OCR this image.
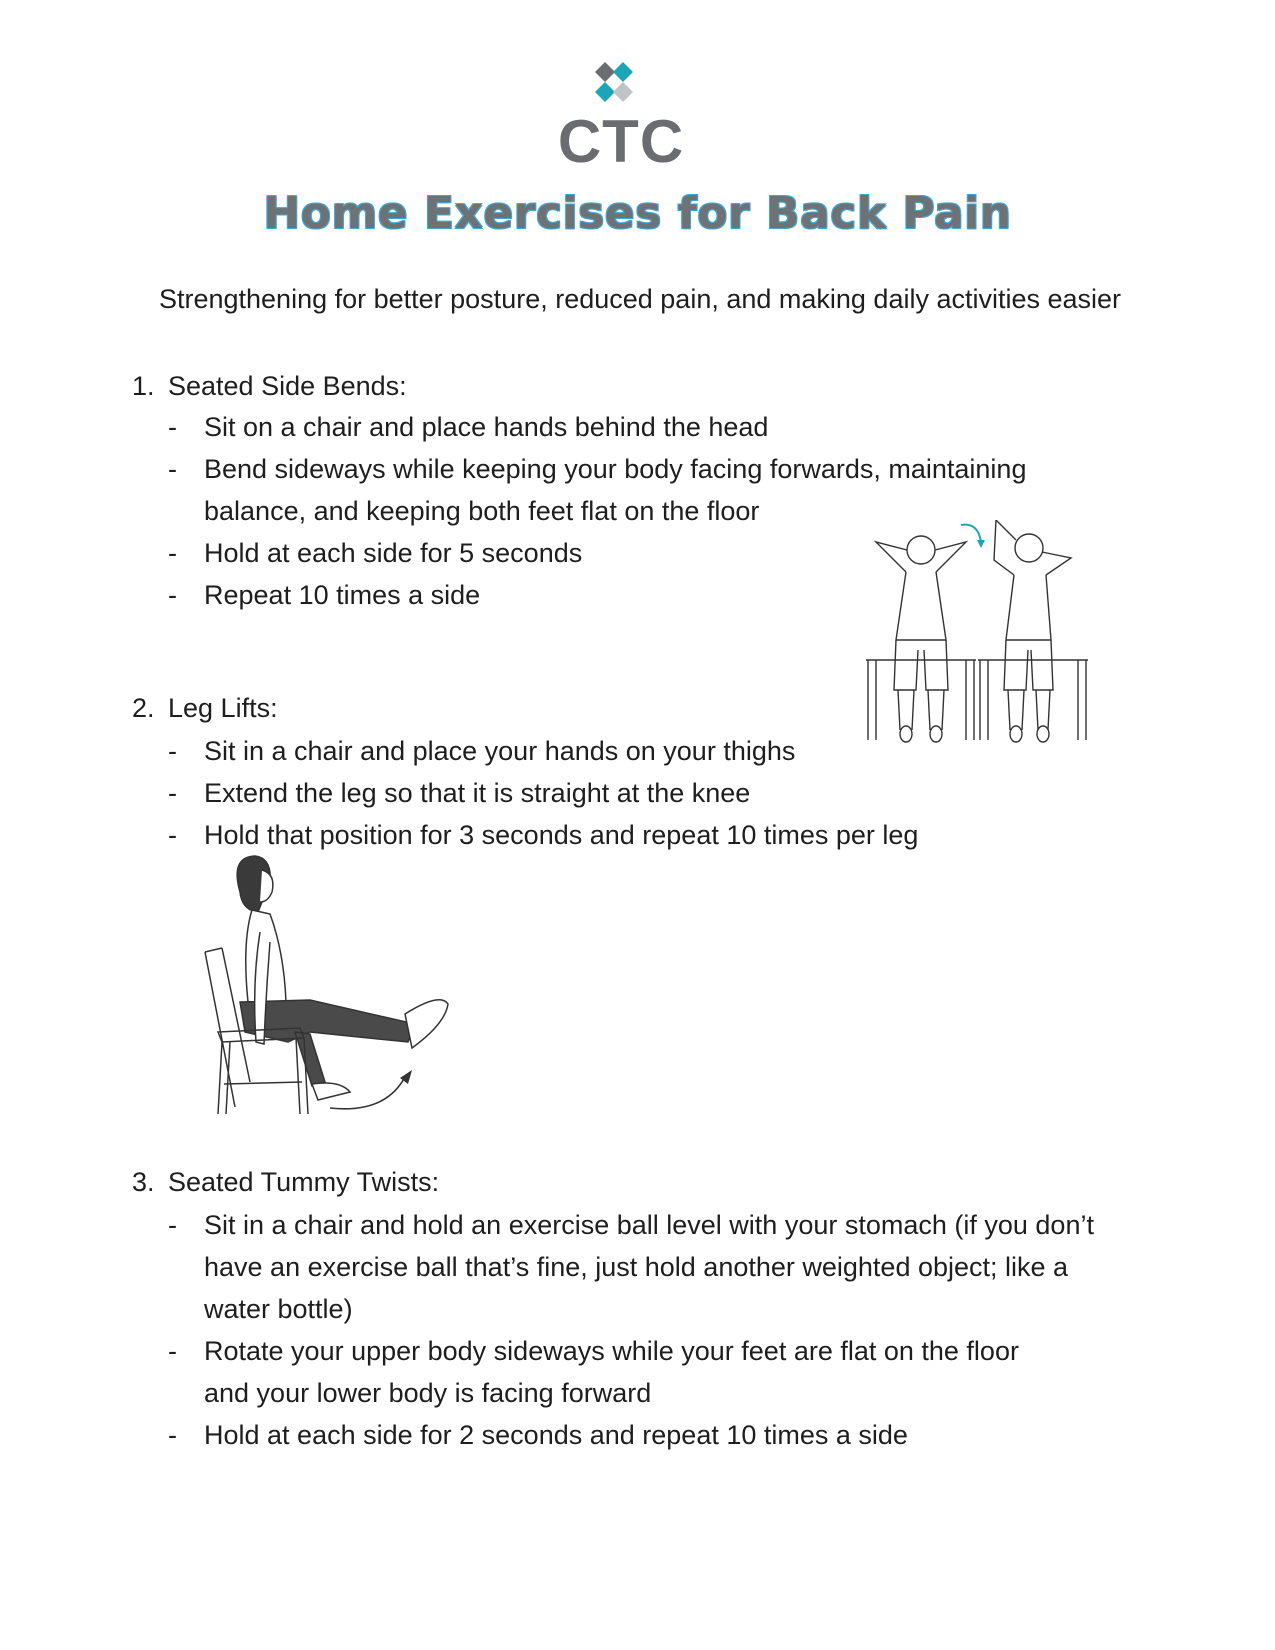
CTC
Home Exercises for Back Pain
Strengthening for better posture, reduced pain, and making daily activities easier
1. Seated Side Bends:
- Sit on a chair and place hands behind the head
- Bend sideways while keeping your body facing forwards, maintaining balance, and keeping both feet flat on the floor
- Hold at each side for 5 seconds
- Repeat 10 times a side
2. Leg Lifts:
- Sit in a chair and place your hands on your thighs
- Extend the leg so that it is straight at the knee
- Hold that position for 3 seconds and repeat 10 times per leg
3. Seated Tummy Twists:
- Sit in a chair and hold an exercise ball level with your stomach (if you don’t have an exercise ball that’s fine, just hold another weighted object; like a water bottle)
- Rotate your upper body sideways while your feet are flat on the floor and your lower body is facing forward
- Hold at each side for 2 seconds and repeat 10 times a side
